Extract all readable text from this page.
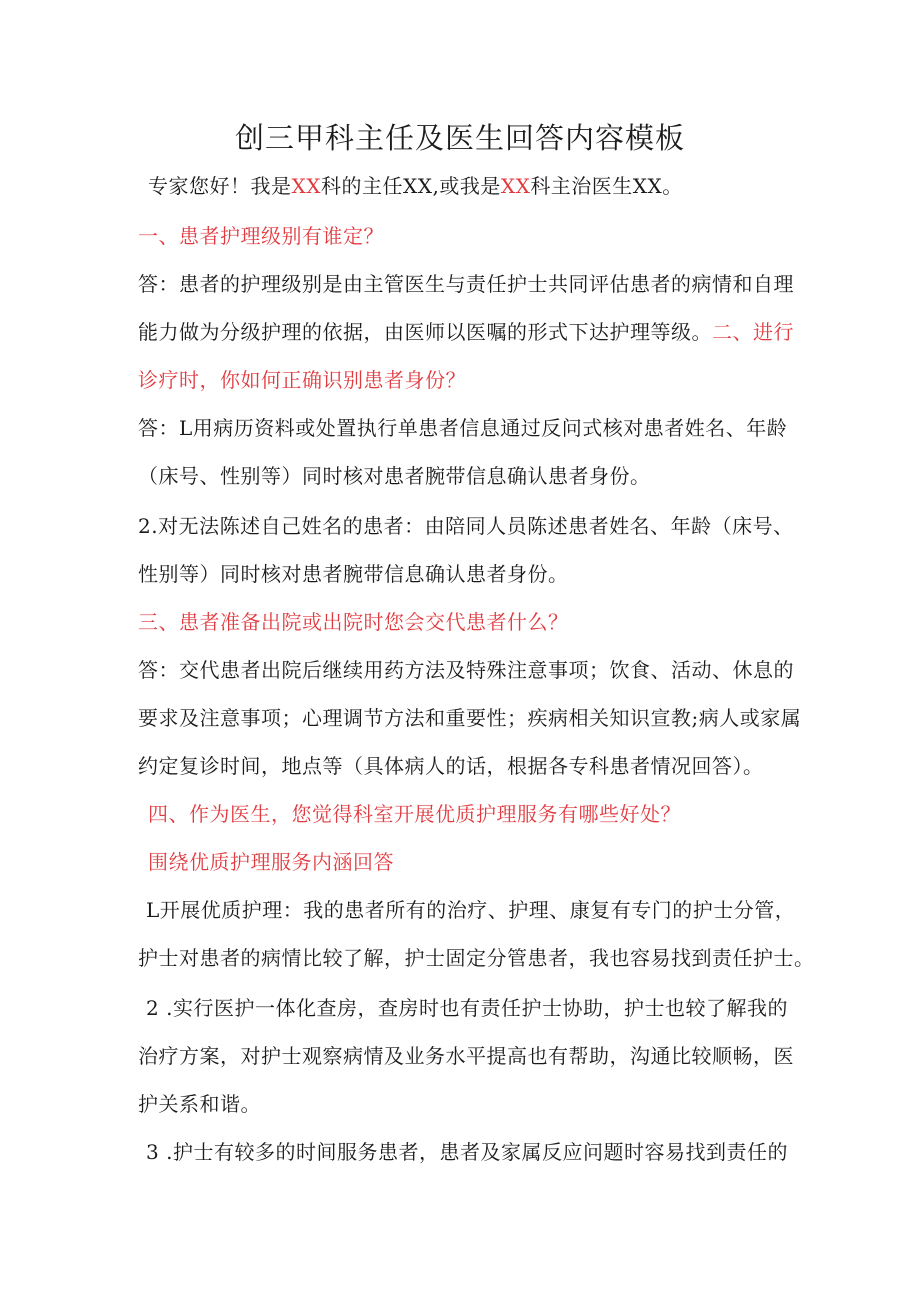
创三甲科主任及医生回答内容模板
专家您好！我是XX科的主任XX,或我是XX科主治医生XX。
一、患者护理级别有谁定？
答：患者的护理级别是由主管医生与责任护士共同评估患者的病情和自理
能力做为分级护理的依据，由医师以医嘱的形式下达护理等级。二、进行
诊疗时，你如何正确识别患者身份？
答：L用病历资料或处置执行单患者信息通过反问式核对患者姓名、年龄
（床号、性别等）同时核对患者腕带信息确认患者身份。
2.对无法陈述自己姓名的患者：由陪同人员陈述患者姓名、年龄（床号、
性别等）同时核对患者腕带信息确认患者身份。
三、患者准备出院或出院时您会交代患者什么？
答：交代患者出院后继续用药方法及特殊注意事项；饮食、活动、休息的
要求及注意事项；心理调节方法和重要性；疾病相关知识宣教;病人或家属
约定复诊时间，地点等（具体病人的话，根据各专科患者情况回答）。
四、作为医生，您觉得科室开展优质护理服务有哪些好处？
围绕优质护理服务内涵回答
L开展优质护理：我的患者所有的治疗、护理、康复有专门的护士分管，
护士对患者的病情比较了解，护士固定分管患者，我也容易找到责任护士。
2 .实行医护一体化查房，查房时也有责任护士协助，护士也较了解我的
治疗方案，对护士观察病情及业务水平提高也有帮助，沟通比较顺畅，医
护关系和谐。
3 .护士有较多的时间服务患者，患者及家属反应问题时容易找到责任的
